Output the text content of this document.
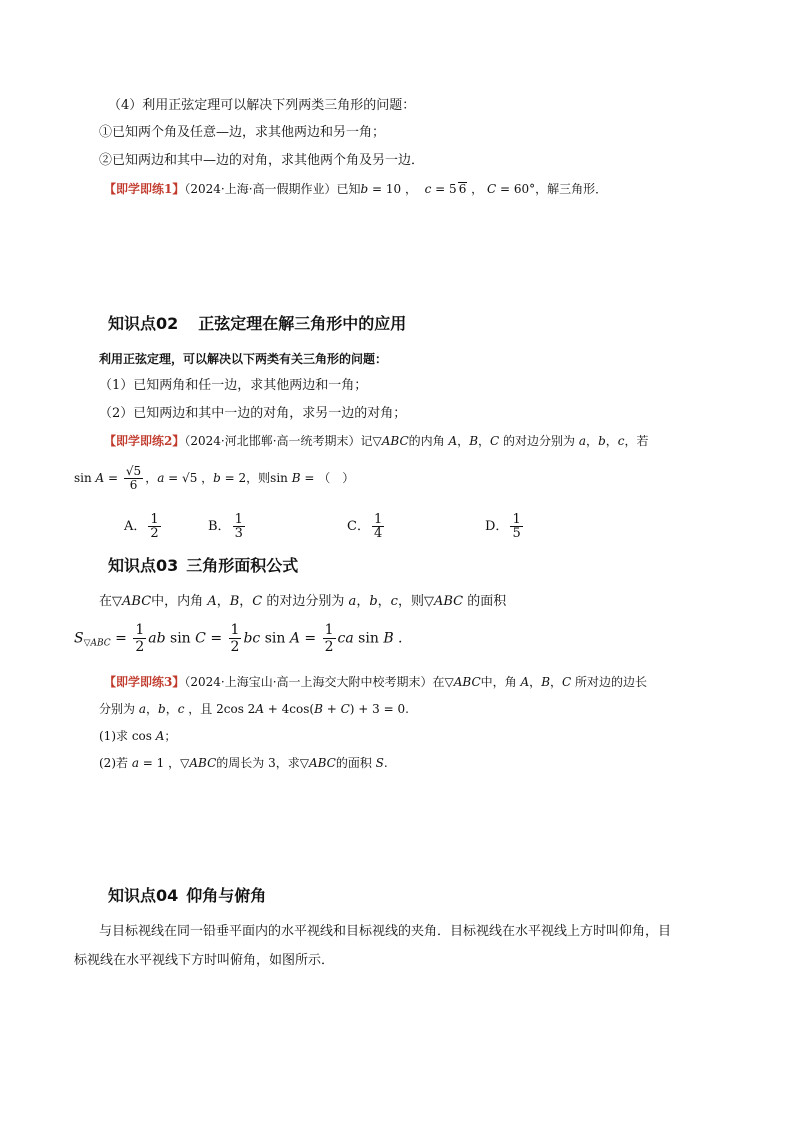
（4）利用正弦定理可以解决下列两类三角形的问题：
①已知两个角及任意—边，求其他两边和另一角；
②已知两边和其中—边的对角，求其他两个角及另一边．
【即学即练1】（2024·上海·高一假期作业）已知b = 10 ，  c = 5 6 ， C = 60°，解三角形．
知识点02 正弦定理在解三角形中的应用
利用正弦定理，可以解决以下两类有关三角形的问题：
（1）已知两角和任一边，求其他两边和一角；
（2）已知两边和其中一边的对角，求另一边的对角；
【即学即练2】（2024·河北邯郸·高一统考期末）记▽ABC的内角 A，B，C 的对边分别为 a，b，c，若
$\sin A = \frac{√5}{6}$ ，a = √5 ，b = 2，则sin B = （　）
A． $\frac{1}{2}$	B． $\frac{1}{3}$	C． $\frac{1}{4}$	D． $\frac{1}{5}$
知识点03 三角形面积公式
在▽ABC中，内角 A，B，C 的对边分别为 a，b，c，则▽ABC 的面积
$S_{▽ABC} = \frac{1}{2}$ ab $\sin C = \frac{1}{2}$ bc $\sin A = \frac{1}{2}$ ca sin B .
【即学即练3】（2024·上海宝山·高一上海交大附中校考期末）在▽ABC中，角 A，B，C 所对边的边长
分别为 a，b，c ，且 2cos 2A + 4cos(B + C) + 3 = 0.
(1)求 cos A；
(2)若 a = 1 ，▽ABC的周长为 3，求▽ABC的面积 S.
知识点04 仰角与俯角
与目标视线在同一铅垂平面内的水平视线和目标视线的夹角．目标视线在水平视线上方时叫仰角，目
标视线在水平视线下方时叫俯角，如图所示．
